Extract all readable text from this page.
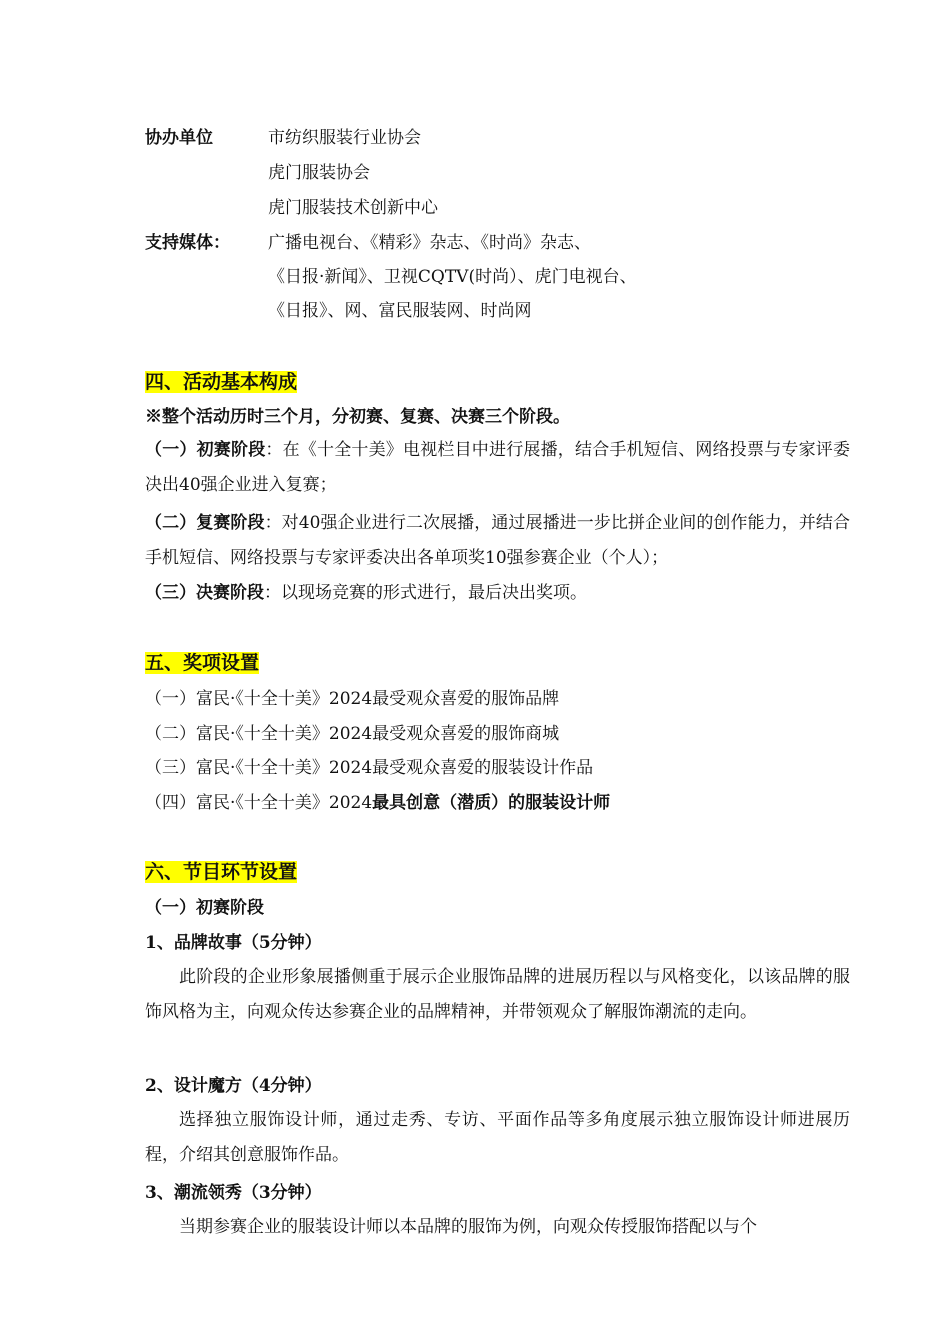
协办单位	市纺织服装行业协会
虎门服装协会
虎门服装技术创新中心
支持媒体： 广播电视台、《精彩》杂志、《时尚》杂志、
《日报·新闻》、卫视CQTV(时尚）、虎门电视台、
《日报》、网、富民服装网、时尚网
四、活动基本构成
※整个活动历时三个月，分初赛、复赛、决赛三个阶段。
（一）初赛阶段：在《十全十美》电视栏目中进行展播，结合手机短信、网络投票与专家评委决出40强企业进入复赛；
（二）复赛阶段：对40强企业进行二次展播，通过展播进一步比拼企业间的创作能力，并结合手机短信、网络投票与专家评委决出各单项奖10强参赛企业（个人）；
（三）决赛阶段：以现场竞赛的形式进行，最后决出奖项。
五、奖项设置
（一）富民·《十全十美》2024最受观众喜爱的服饰品牌
（二）富民·《十全十美》2024最受观众喜爱的服饰商城
（三）富民·《十全十美》2024最受观众喜爱的服装设计作品
（四）富民·《十全十美》2024最具创意（潜质）的服装设计师
六、节目环节设置
（一）初赛阶段
1、品牌故事（5分钟）
此阶段的企业形象展播侧重于展示企业服饰品牌的进展历程以与风格变化，以该品牌的服饰风格为主，向观众传达参赛企业的品牌精神，并带领观众了解服饰潮流的走向。
2、设计魔方（4分钟）
选择独立服饰设计师，通过走秀、专访、平面作品等多角度展示独立服饰设计师进展历程，介绍其创意服饰作品。
3、潮流领秀（3分钟）
当期参赛企业的服装设计师以本品牌的服饰为例，向观众传授服饰搭配以与个
